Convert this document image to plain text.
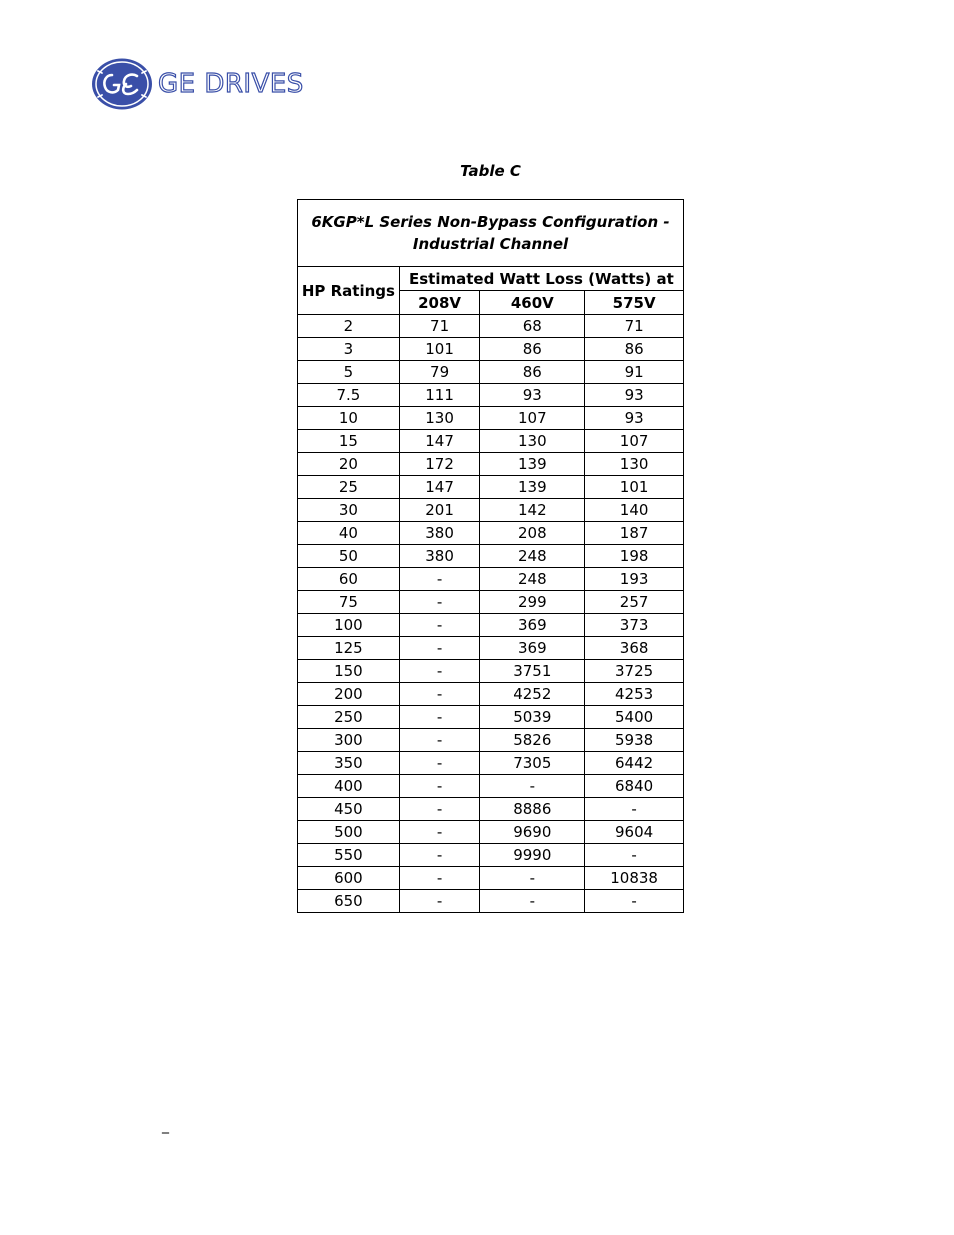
GE DRIVES
Table C
6KGP*L Series Non-Bypass Configuration -
Industrial Channel			
HP Ratings	Estimated Watt Loss (Watts) at		
	208V	460V	575V
2	71	68	71
3	101	86	86
5	79	86	91
7.5	111	93	93
10	130	107	93
15	147	130	107
20	172	139	130
25	147	139	101
30	201	142	140
40	380	208	187
50	380	248	198
60	-	248	193
75	-	299	257
100	-	369	373
125	-	369	368
150	-	3751	3725
200	-	4252	4253
250	-	5039	5400
300	-	5826	5938
350	-	7305	6442
400	-	-	6840
450	-	8886	-
500	-	9690	9604
550	-	9990	-
600	-	-	10838
650	-	-	-
_
